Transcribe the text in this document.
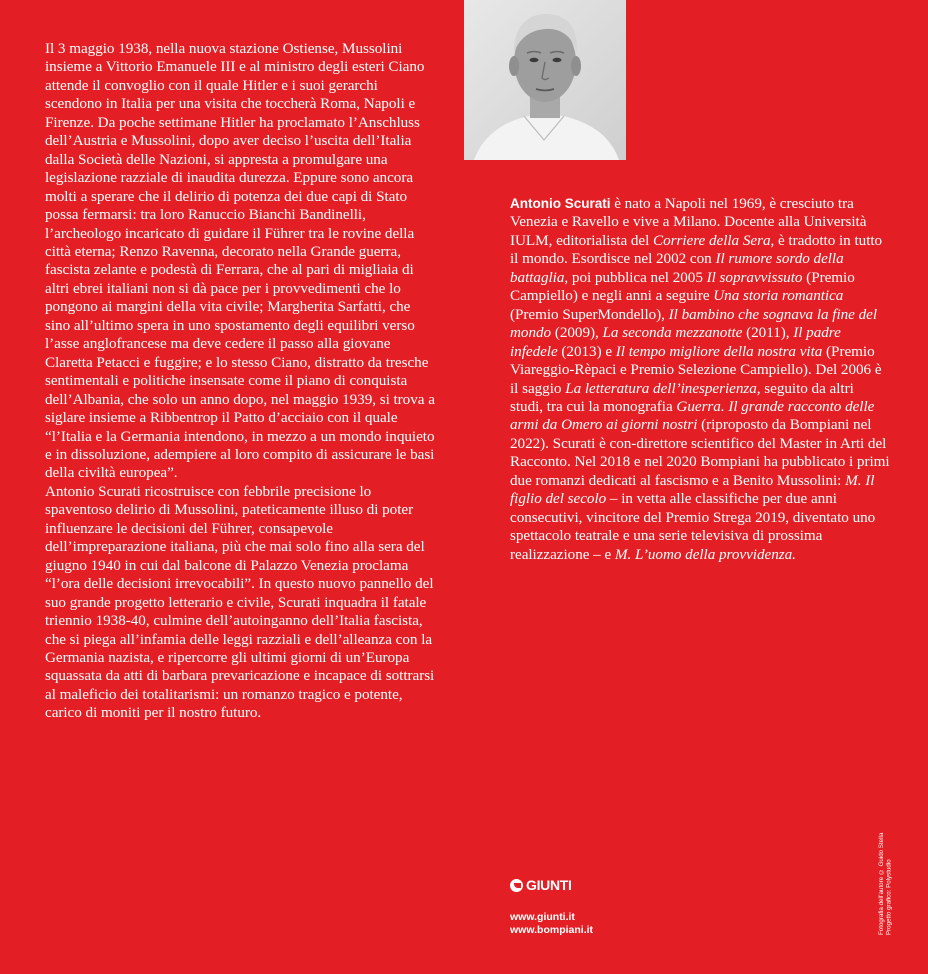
Il 3 maggio 1938, nella nuova stazione Ostiense, Mussolini insieme a Vittorio Emanuele III e al ministro degli esteri Ciano attende il convoglio con il quale Hitler e i suoi gerarchi scendono in Italia per una visita che toccherà Roma, Napoli e Firenze. Da poche settimane Hitler ha proclamato l’Anschluss dell’Austria e Mussolini, dopo aver deciso l’uscita dell’Italia dalla Società delle Nazioni, si appresta a promulgare una legislazione razziale di inaudita durezza. Eppure sono ancora molti a sperare che il delirio di potenza dei due capi di Stato possa fermarsi: tra loro Ranuccio Bianchi Bandinelli, l’archeologo incaricato di guidare il Führer tra le rovine della città eterna; Renzo Ravenna, decorato nella Grande guerra, fascista zelante e podestà di Ferrara, che al pari di migliaia di altri ebrei italiani non si dà pace per i provvedimenti che lo pongono ai margini della vita civile; Margherita Sarfatti, che sino all’ultimo spera in uno spostamento degli equilibri verso l’asse anglofrancese ma deve cedere il passo alla giovane Claretta Petacci e fuggire; e lo stesso Ciano, distratto da tresche sentimentali e politiche insensate come il piano di conquista dell’Albania, che solo un anno dopo, nel maggio 1939, si trova a siglare insieme a Ribbentrop il Patto d’acciaio con il quale “l’Italia e la Germania intendono, in mezzo a un mondo inquieto e in dissoluzione, adempiere al loro compito di assicurare le basi della civiltà europea”.
Antonio Scurati ricostruisce con febbrile precisione lo spaventoso delirio di Mussolini, pateticamente illuso di poter influenzare le decisioni del Führer, consapevole dell’impreparazione italiana, più che mai solo fino alla sera del giugno 1940 in cui dal balcone di Palazzo Venezia proclama “l’ora delle decisioni irrevocabili”. In questo nuovo pannello del suo grande progetto letterario e civile, Scurati inquadra il fatale triennio 1938-40, culmine dell’autoinganno dell’Italia fascista, che si piega all’infamia delle leggi razziali e dell’alleanza con la Germania nazista, e ripercorre gli ultimi giorni di un’Europa squassata da atti di barbara prevaricazione e incapace di sottrarsi al maleficio dei totalitarismi: un romanzo tragico e potente, carico di moniti per il nostro futuro.
Antonio Scurati è nato a Napoli nel 1969, è cresciuto tra Venezia e Ravello e vive a Milano. Docente alla Università IULM, editorialista del Corriere della Sera, è tradotto in tutto il mondo. Esordisce nel 2002 con Il rumore sordo della battaglia, poi pubblica nel 2005 Il sopravvissuto (Premio Campiello) e negli anni a seguire Una storia romantica (Premio SuperMondello), Il bambino che sognava la fine del mondo (2009), La seconda mezzanotte (2011), Il padre infedele (2013) e Il tempo migliore della nostra vita (Premio Viareggio-Rèpaci e Premio Selezione Campiello). Del 2006 è il saggio La letteratura dell’inesperienza, seguito da altri studi, tra cui la monografia Guerra. Il grande racconto delle armi da Omero ai giorni nostri (riproposto da Bompiani nel 2022). Scurati è con-direttore scientifico del Master in Arti del Racconto. Nel 2018 e nel 2020 Bompiani ha pubblicato i primi due romanzi dedicati al fascismo e a Benito Mussolini: M. Il figlio del secolo – in vetta alle classifiche per due anni consecutivi, vincitore del Premio Strega 2019, diventato uno spettacolo teatrale e una serie televisiva di prossima realizzazione – e M. L’uomo della provvidenza.
GIUNTI
www.giunti.it
www.bompiani.it	Fotografia dell’autore © Guido Stella Progetto grafico: Polystudio
